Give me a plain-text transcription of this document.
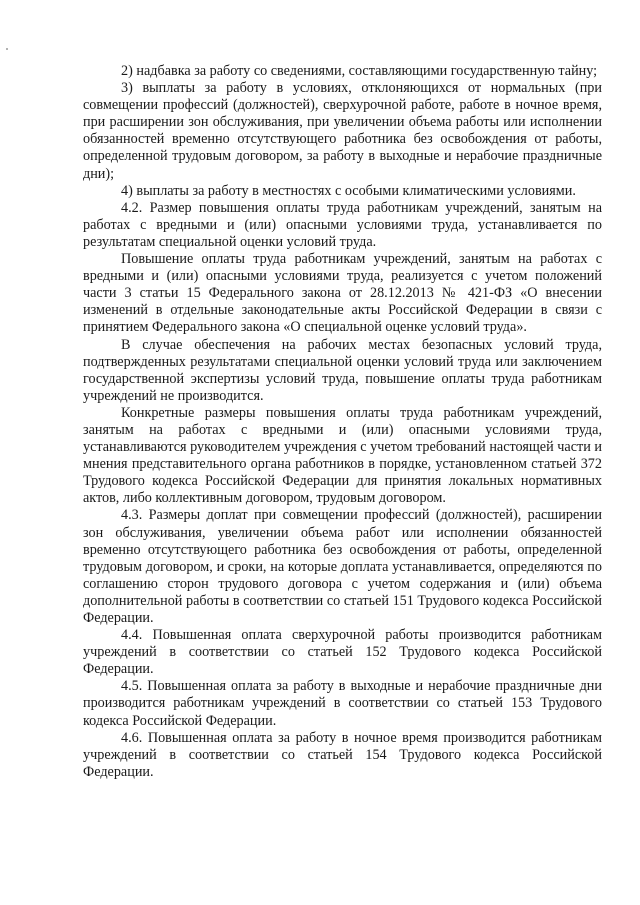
2) надбавка за работу со сведениями, составляющими государственную тайну;

3) выплаты за работу в условиях, отклоняющихся от нормальных (при совмещении профессий (должностей), сверхурочной работе, работе в ночное время, при расширении зон обслуживания, при увеличении объема работы или исполнении обязанностей временно отсутствующего работника без освобождения от работы, определенной трудовым договором, за работу в выходные и нерабочие праздничные дни);

4) выплаты за работу в местностях с особыми климатическими условиями.

4.2. Размер повышения оплаты труда работникам учреждений, занятым на работах с вредными и (или) опасными условиями труда, устанавливается по результатам специальной оценки условий труда.

Повышение оплаты труда работникам учреждений, занятым на работах с вредными и (или) опасными условиями труда, реализуется с учетом положений части 3 статьи 15 Федерального закона от 28.12.2013 № 421-ФЗ «О внесении изменений в отдельные законодательные акты Российской Федерации в связи с принятием Федерального закона «О специальной оценке условий труда».

В случае обеспечения на рабочих местах безопасных условий труда, подтвержденных результатами специальной оценки условий труда или заключением государственной экспертизы условий труда, повышение оплаты труда работникам учреждений не производится.

Конкретные размеры повышения оплаты труда работникам учреждений, занятым на работах с вредными и (или) опасными условиями труда, устанавливаются руководителем учреждения с учетом требований настоящей части и мнения представительного органа работников в порядке, установленном статьей 372 Трудового кодекса Российской Федерации для принятия локальных нормативных актов, либо коллективным договором, трудовым договором.

4.3. Размеры доплат при совмещении профессий (должностей), расширении зон обслуживания, увеличении объема работ или исполнении обязанностей временно отсутствующего работника без освобождения от работы, определенной трудовым договором, и сроки, на которые доплата устанавливается, определяются по соглашению сторон трудового договора с учетом содержания и (или) объема дополнительной работы в соответствии со статьей 151 Трудового кодекса Российской Федерации.

4.4. Повышенная оплата сверхурочной работы производится работникам учреждений в соответствии со статьей 152 Трудового кодекса Российской Федерации.

4.5. Повышенная оплата за работу в выходные и нерабочие праздничные дни производится работникам учреждений в соответствии со статьей 153 Трудового кодекса Российской Федерации.

4.6. Повышенная оплата за работу в ночное время производится работникам учреждений в соответствии со статьей 154 Трудового кодекса Российской Федерации.
